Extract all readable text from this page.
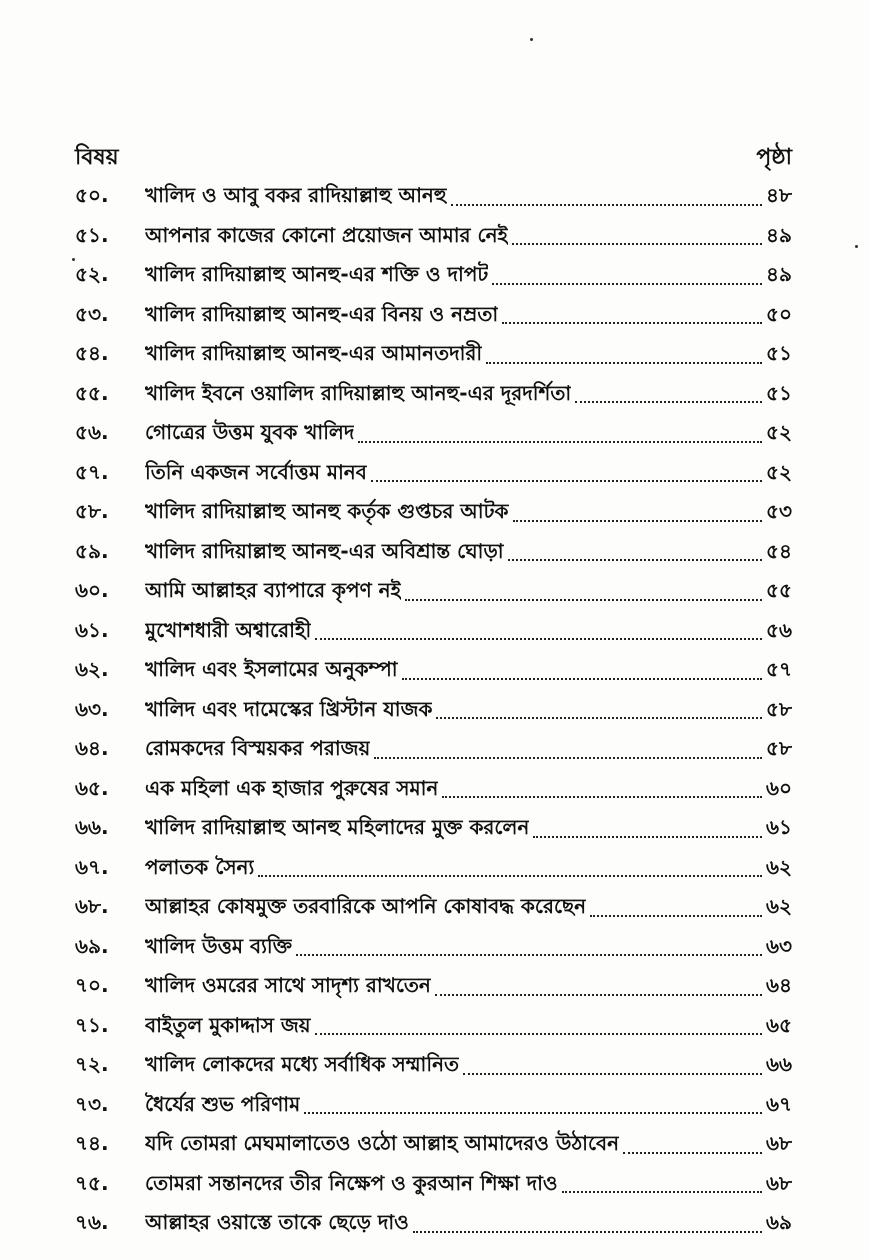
বিষয়	পৃষ্ঠা
৫০.	খালিদ ও আবু বকর রাদিয়াল্লাহু আনহু	৪৮
৫১.	আপনার কাজের কোনো প্রয়োজন আমার নেই	৪৯
৫২.	খালিদ রাদিয়াল্লাহু আনহু-এর শক্তি ও দাপট	৪৯
৫৩.	খালিদ রাদিয়াল্লাহু আনহু-এর বিনয় ও নম্রতা	৫০
৫৪.	খালিদ রাদিয়াল্লাহু আনহু-এর আমানতদারী	৫১
৫৫.	খালিদ ইবনে ওয়ালিদ রাদিয়াল্লাহু আনহু-এর দূরদর্শিতা	৫১
৫৬.	গোত্রের উত্তম যুবক খালিদ	৫২
৫৭.	তিনি একজন সর্বোত্তম মানব	৫২
৫৮.	খালিদ রাদিয়াল্লাহু আনহু কর্তৃক গুপ্তচর আটক	৫৩
৫৯.	খালিদ রাদিয়াল্লাহু আনহু-এর অবিশ্রান্ত ঘোড়া	৫৪
৬০.	আমি আল্লাহর ব্যাপারে কৃপণ নই	৫৫
৬১.	মুখোশধারী অশ্বারোহী	৫৬
৬২.	খালিদ এবং ইসলামের অনুকম্পা	৫৭
৬৩.	খালিদ এবং দামেস্কের খ্রিস্টান যাজক	৫৮
৬৪.	রোমকদের বিস্ময়কর পরাজয়	৫৮
৬৫.	এক মহিলা এক হাজার পুরুষের সমান	৬০
৬৬.	খালিদ রাদিয়াল্লাহু আনহু মহিলাদের মুক্ত করলেন	৬১
৬৭.	পলাতক সৈন্য	৬২
৬৮.	আল্লাহর কোষমুক্ত তরবারিকে আপনি কোষাবদ্ধ করেছেন	৬২
৬৯.	খালিদ উত্তম ব্যক্তি	৬৩
৭০.	খালিদ ওমরের সাথে সাদৃশ্য রাখতেন	৬৪
৭১.	বাইতুল মুকাদ্দাস জয়	৬৫
৭২.	খালিদ লোকদের মধ্যে সর্বাধিক সম্মানিত	৬৬
৭৩.	ধৈর্যের শুভ পরিণাম	৬৭
৭৪.	যদি তোমরা মেঘমালাতেও ওঠো আল্লাহ আমাদেরও উঠাবেন	৬৮
৭৫.	তোমরা সন্তানদের তীর নিক্ষেপ ও কুরআন শিক্ষা দাও	৬৮
৭৬.	আল্লাহর ওয়াস্তে তাকে ছেড়ে দাও	৬৯
